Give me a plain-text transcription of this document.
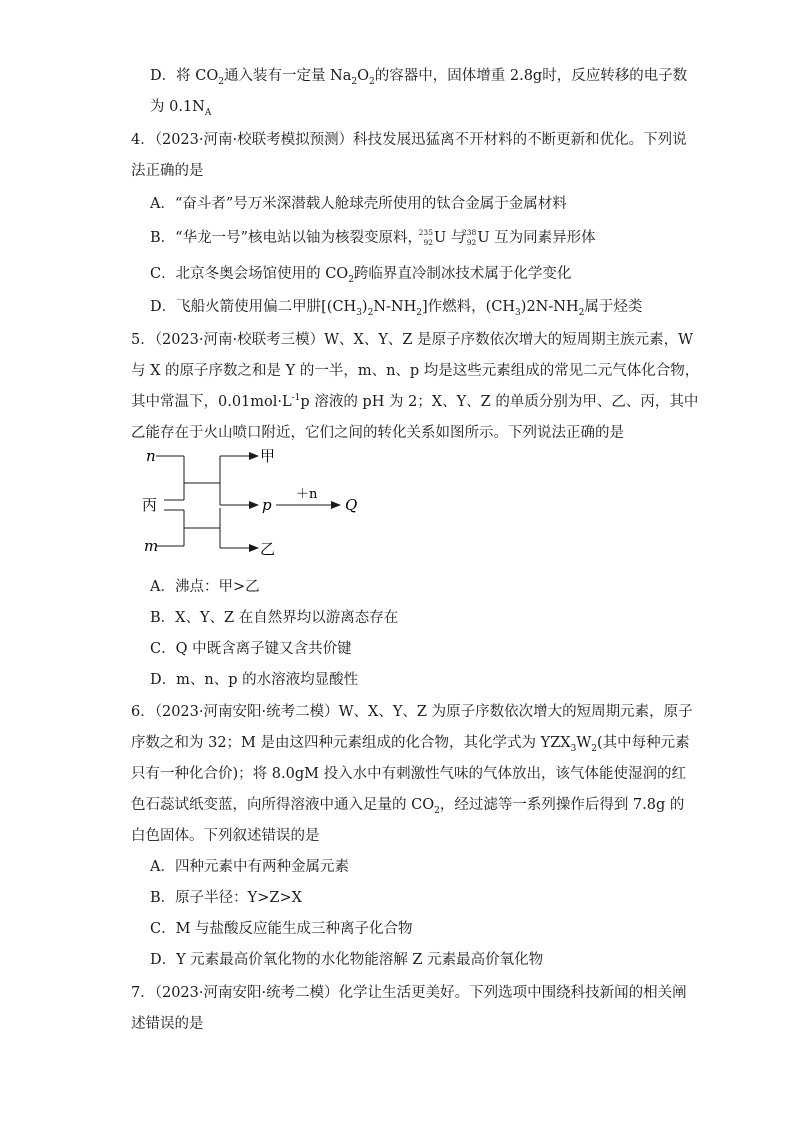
D．将 $CO_2$通入装有一定量 $Na_2O_2$的容器中，固体增重 2.8g时，反应转移的电子数
为 $0.1N_A$
4．（2023·河南·校联考模拟预测）科技发展迅猛离不开材料的不断更新和优化。下列说
法正确的是
A．“奋斗者”号万米深潜载人舱球壳所使用的钛合金属于金属材料
B．“华龙一号”核电站以铀为核裂变原料，
235
92 U 与
238
92 U 互为同素异形体
C．北京冬奥会场馆使用的 $CO_2$跨临界直冷制冰技术属于化学变化
D．飞船火箭使用偏二甲肼$[(CH_3)_2N-NH_2]$作燃料，$(CH_3)2N-NH_2$属于烃类
5．（2023·河南·校联考三模）W、X、Y、Z 是原子序数依次增大的短周期主族元素，W
与 X 的原子序数之和是 Y 的一半，m、n、p 均是这些元素组成的常见二元气体化合物，
其中常温下，$0.01mol\cdot L^{-1}p$ 溶液的 pH 为 2；X、Y、Z 的单质分别为甲、乙、丙，其中
乙能存在于火山喷口附近，它们之间的转化关系如图所示。下列说法正确的是
n	甲
丙	p
＋n
Q
m	乙
A．沸点：甲>乙
B．X、Y、Z 在自然界均以游离态存在
C．Q 中既含离子键又含共价键
D．m、n、p 的水溶液均显酸性
6．（2023·河南安阳·统考二模）W、X、Y、Z 为原子序数依次增大的短周期元素，原子
序数之和为 32；M 是由这四种元素组成的化合物，其化学式为 $YZX_3W_2$(其中每种元素
只有一种化合价)；将 8.0gM 投入水中有刺激性气味的气体放出，该气体能使湿润的红
色石蕊试纸变蓝，向所得溶液中通入足量的 $CO_2$，经过滤等一系列操作后得到 7.8g 的
白色固体。下列叙述错误的是
A．四种元素中有两种金属元素
B．原子半径：Y>Z>X
C．M 与盐酸反应能生成三种离子化合物
D．Y 元素最高价氧化物的水化物能溶解 Z 元素最高价氧化物
7．（2023·河南安阳·统考二模）化学让生活更美好。下列选项中围绕科技新闻的相关阐
述错误的是
